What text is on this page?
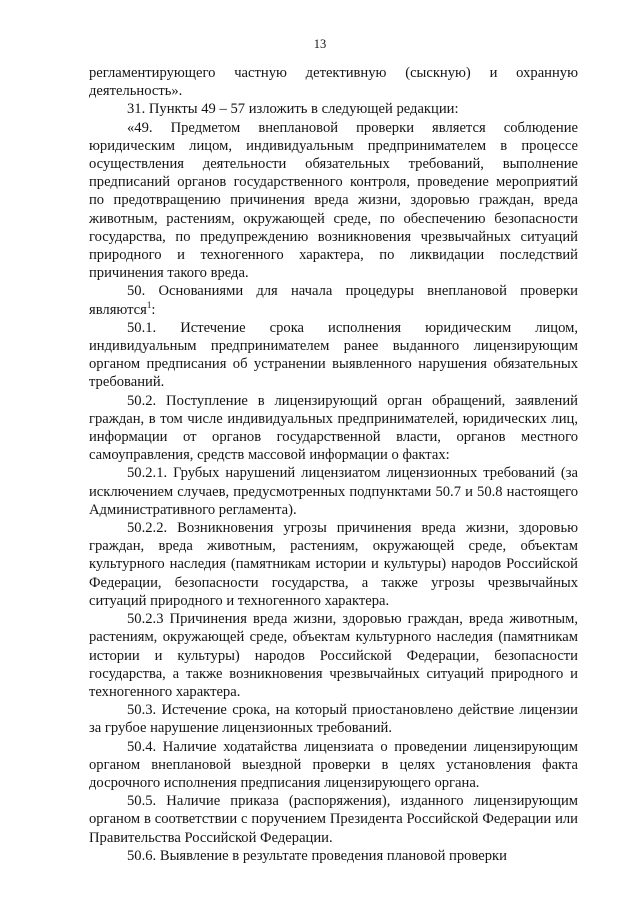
13

регламентирующего частную детективную (сыскную) и охранную деятельность».

31. Пункты 49 – 57 изложить в следующей редакции:

«49. Предметом внеплановой проверки является соблюдение юридическим лицом, индивидуальным предпринимателем в процессе осуществления деятельности обязательных требований, выполнение предписаний органов государственного контроля, проведение мероприятий по предотвращению причинения вреда жизни, здоровью граждан, вреда животным, растениям, окружающей среде, по обеспечению безопасности государства, по предупреждению возникновения чрезвычайных ситуаций природного и техногенного характера, по ликвидации последствий причинения такого вреда.

50. Основаниями для начала процедуры внеплановой проверки являются$^1$:

50.1. Истечение срока исполнения юридическим лицом, индивидуальным предпринимателем ранее выданного лицензирующим органом предписания об устранении выявленного нарушения обязательных требований.

50.2. Поступление в лицензирующий орган обращений, заявлений граждан, в том числе индивидуальных предпринимателей, юридических лиц, информации от органов государственной власти, органов местного самоуправления, средств массовой информации о фактах:

50.2.1. Грубых нарушений лицензиатом лицензионных требований (за исключением случаев, предусмотренных подпунктами 50.7 и 50.8 настоящего Административного регламента).

50.2.2. Возникновения угрозы причинения вреда жизни, здоровью граждан, вреда животным, растениям, окружающей среде, объектам культурного наследия (памятникам истории и культуры) народов Российской Федерации, безопасности государства, а также угрозы чрезвычайных ситуаций природного и техногенного характера.

50.2.3 Причинения вреда жизни, здоровью граждан, вреда животным, растениям, окружающей среде, объектам культурного наследия (памятникам истории и культуры) народов Российской Федерации, безопасности государства, а также возникновения чрезвычайных ситуаций природного и техногенного характера.

50.3. Истечение срока, на который приостановлено действие лицензии за грубое нарушение лицензионных требований.

50.4. Наличие ходатайства лицензиата о проведении лицензирующим органом внеплановой выездной проверки в целях установления факта досрочного исполнения предписания лицензирующего органа.

50.5. Наличие приказа (распоряжения), изданного лицензирующим органом в соответствии с поручением Президента Российской Федерации или Правительства Российской Федерации.

50.6. Выявление в результате проведения плановой проверки
